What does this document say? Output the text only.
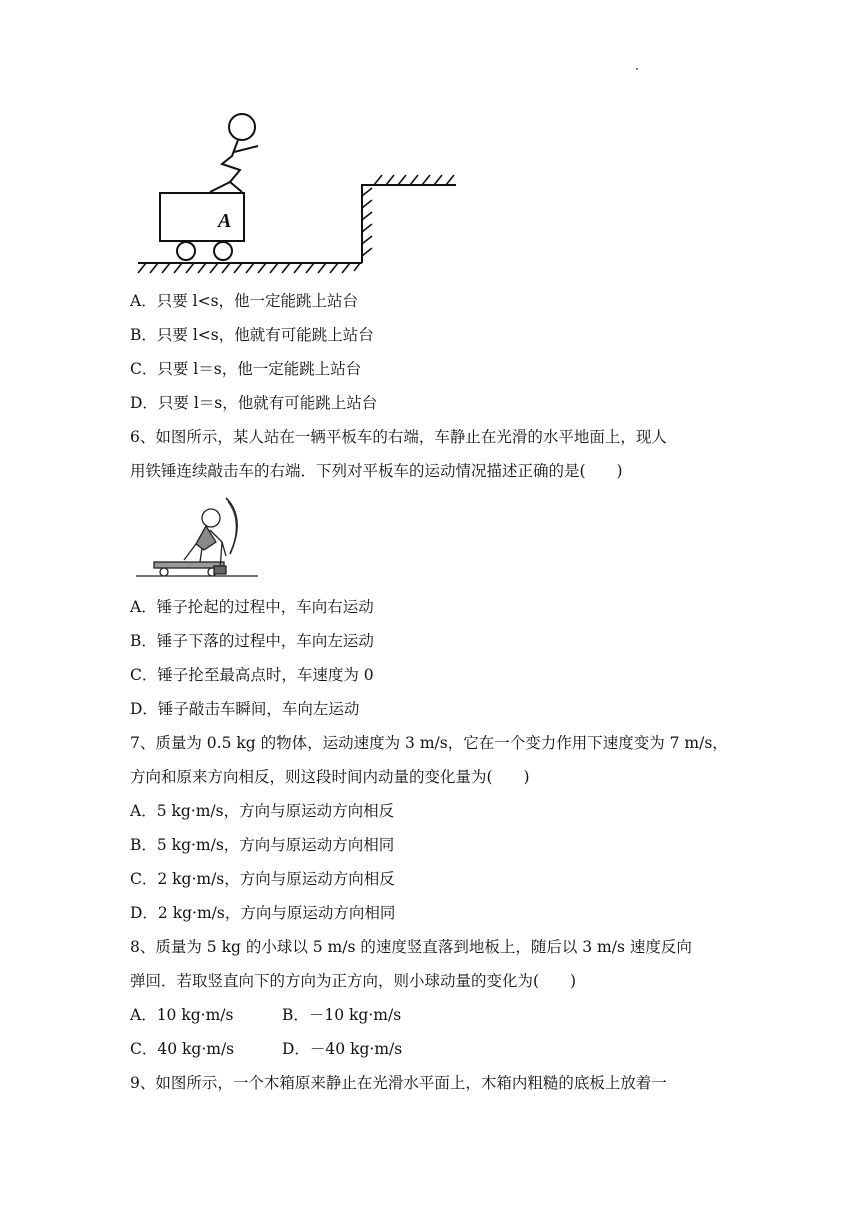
A
A．只要 l<s，他一定能跳上站台
B．只要 l<s，他就有可能跳上站台
C．只要 l＝s，他一定能跳上站台
D．只要 l＝s，他就有可能跳上站台
6、如图所示，某人站在一辆平板车的右端，车静止在光滑的水平地面上，现人
用铁锤连续敲击车的右端．下列对平板车的运动情况描述正确的是(　　)
A．锤子抡起的过程中，车向右运动
B．锤子下落的过程中，车向左运动
C．锤子抡至最高点时，车速度为 0
D．锤子敲击车瞬间，车向左运动
7、质量为 0.5 kg 的物体，运动速度为 3 m/s，它在一个变力作用下速度变为 7 m/s，
方向和原来方向相反，则这段时间内动量的变化量为(　　)
A．5 kg·m/s，方向与原运动方向相反
B．5 kg·m/s，方向与原运动方向相同
C．2 kg·m/s，方向与原运动方向相反
D．2 kg·m/s，方向与原运动方向相同
8、质量为 5 kg 的小球以 5 m/s 的速度竖直落到地板上，随后以 3 m/s 速度反向
弹回．若取竖直向下的方向为正方向，则小球动量的变化为(　　)
A．10 kg·m/s	B．－10 kg·m/s
C．40 kg·m/s	D．－40 kg·m/s
9、如图所示，一个木箱原来静止在光滑水平面上，木箱内粗糙的底板上放着一
